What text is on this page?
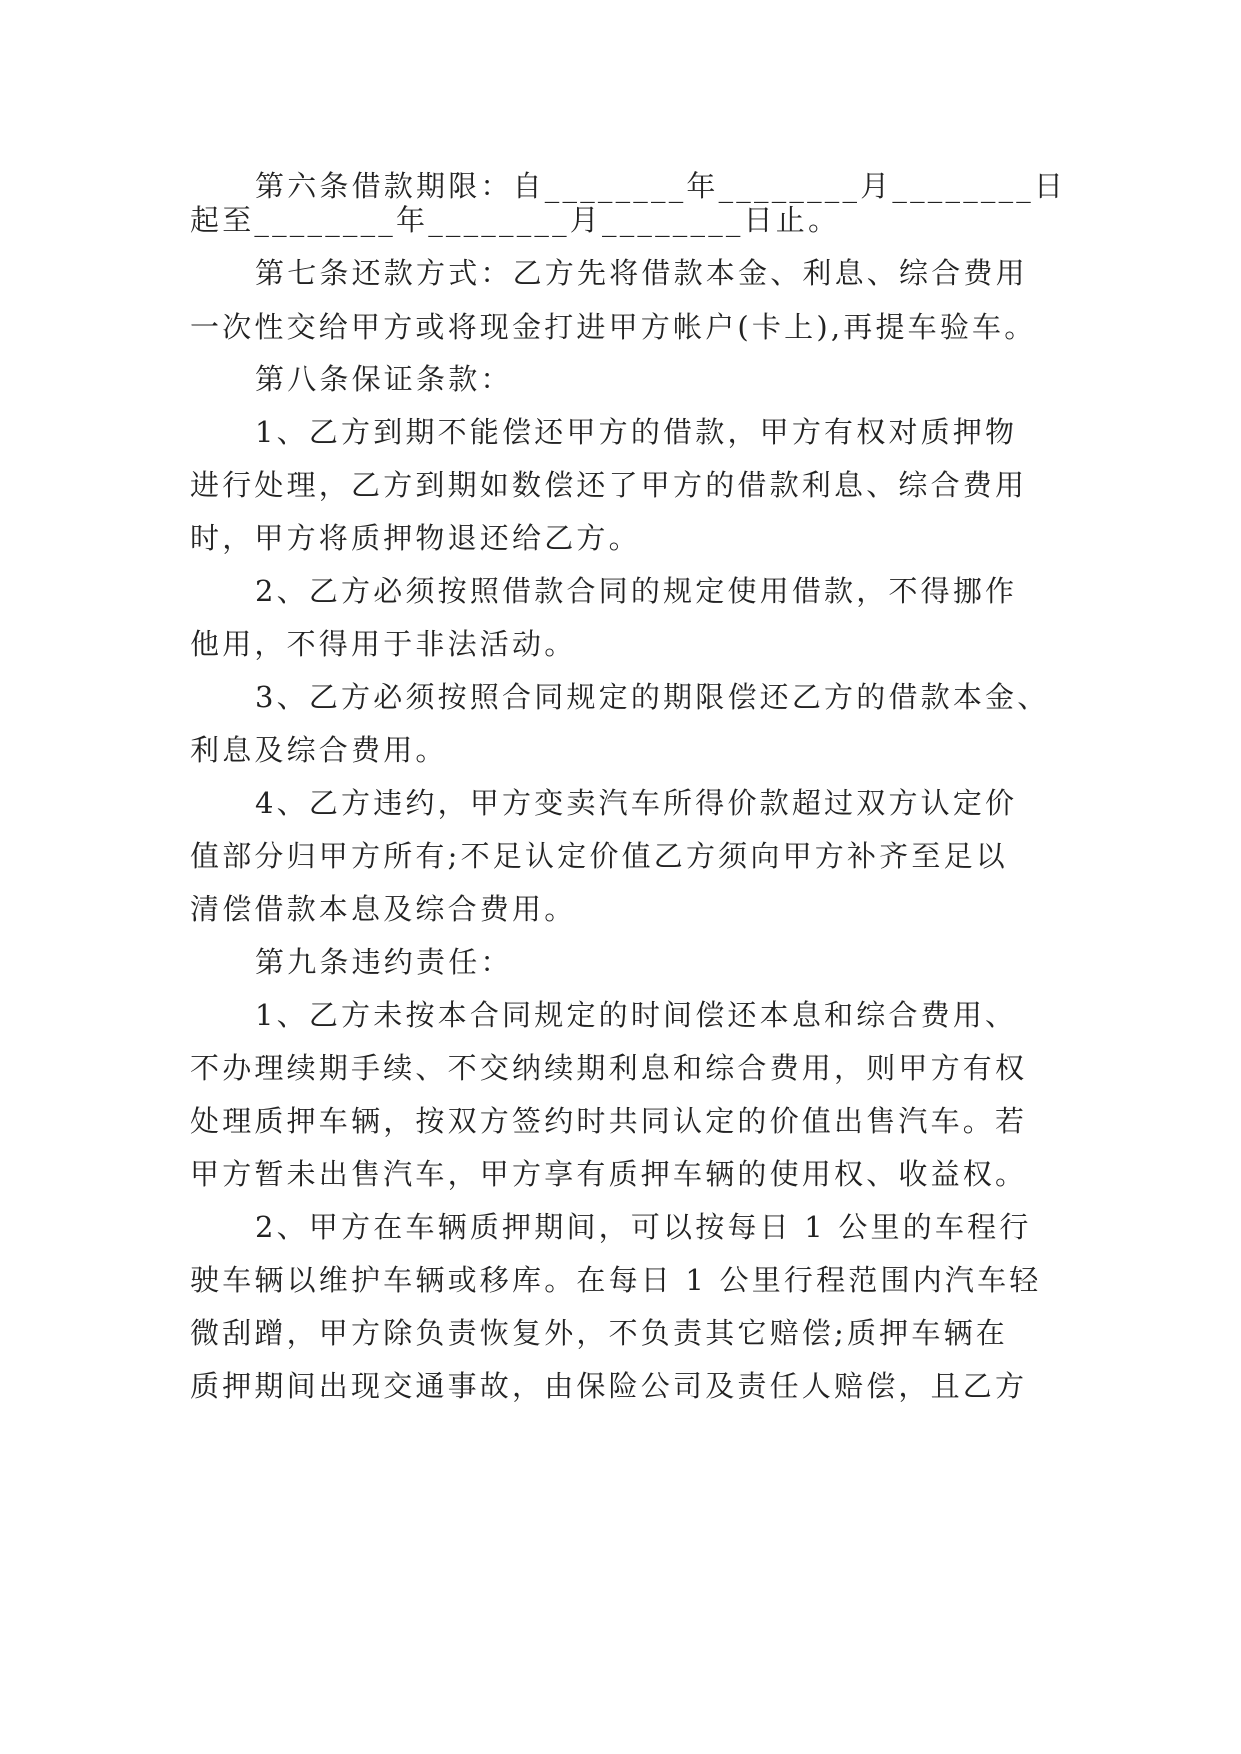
第六条借款期限：自________年________月________日
起至________年________月________日止。
第七条还款方式：乙方先将借款本金、利息、综合费用
一次性交给甲方或将现金打进甲方帐户(卡上),再提车验车。
第八条保证条款：
1、乙方到期不能偿还甲方的借款，甲方有权对质押物
进行处理，乙方到期如数偿还了甲方的借款利息、综合费用
时，甲方将质押物退还给乙方。
2、乙方必须按照借款合同的规定使用借款，不得挪作
他用，不得用于非法活动。
3、乙方必须按照合同规定的期限偿还乙方的借款本金、
利息及综合费用。
4、乙方违约，甲方变卖汽车所得价款超过双方认定价
值部分归甲方所有;不足认定价值乙方须向甲方补齐至足以
清偿借款本息及综合费用。
第九条违约责任：
1、乙方未按本合同规定的时间偿还本息和综合费用、
不办理续期手续、不交纳续期利息和综合费用，则甲方有权
处理质押车辆，按双方签约时共同认定的价值出售汽车。若
甲方暂未出售汽车，甲方享有质押车辆的使用权、收益权。
2、甲方在车辆质押期间，可以按每日 1 公里的车程行
驶车辆以维护车辆或移库。在每日 1 公里行程范围内汽车轻
微刮蹭，甲方除负责恢复外，不负责其它赔偿;质押车辆在
质押期间出现交通事故，由保险公司及责任人赔偿，且乙方
